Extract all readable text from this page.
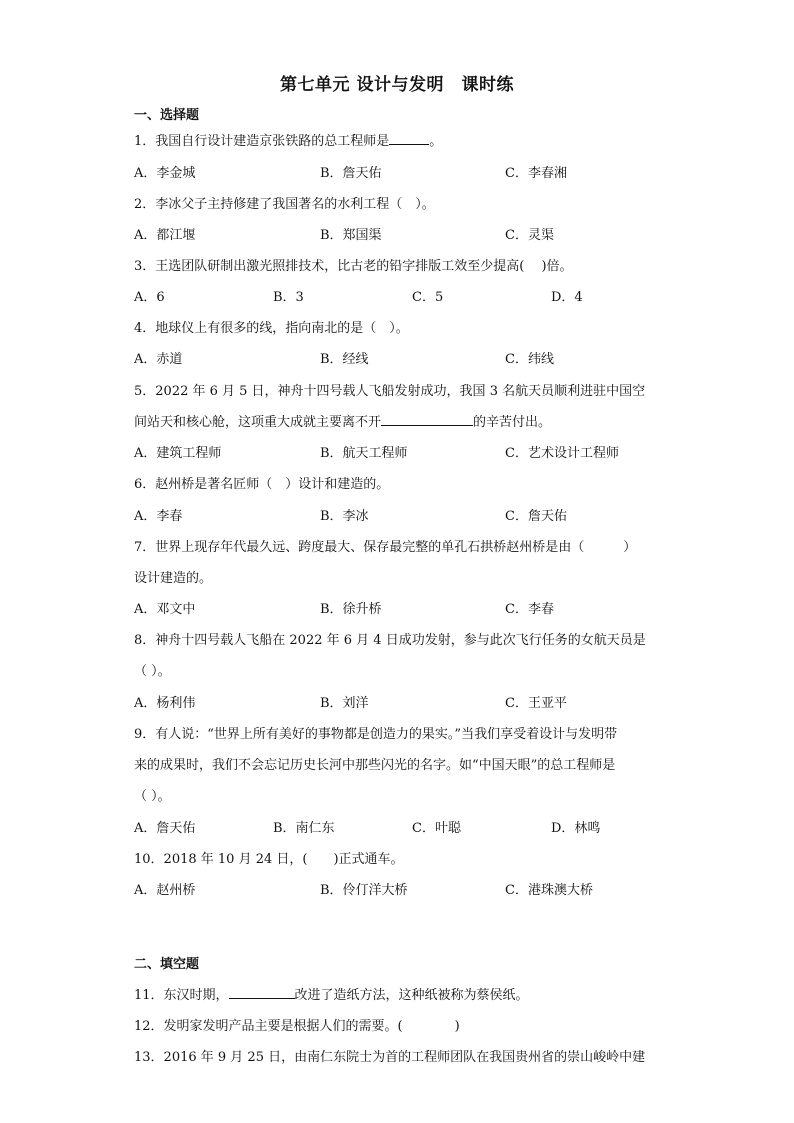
第七单元 设计与发明　课时练
一、选择题
1．我国自行设计建造京张铁路的总工程师是	。
A．李金城	B．詹天佑	C．李春湘
2．李冰父子主持修建了我国著名的水利工程（　）。
A．都江堰	B．郑国渠	C．灵渠
3．王选团队研制出激光照排技术，比古老的铅字排版工效至少提高(　 )倍。
A．6	B．3	C．5	D．4
4．地球仪上有很多的线，指向南北的是（　）。
A．赤道	B．经线	C．纬线
5．2022 年 6 月 5 日，神舟十四号载人飞船发射成功，我国 3 名航天员顺利进驻中国空
间站天和核心舱，这项重大成就主要离不开	的辛苦付出。
A．建筑工程师	B．航天工程师	C．艺术设计工程师
6．赵州桥是著名匠师（　）设计和建造的。
A．李春	B．李冰	C．詹天佑
7．世界上现存年代最久远、跨度最大、保存最完整的单孔石拱桥赵州桥是由（　　　）
设计建造的。
A．邓文中	B．徐升桥	C．李春
8．神舟十四号载人飞船在 2022 年 6 月 4 日成功发射，参与此次飞行任务的女航天员是
（ ）。
A．杨利伟	B．刘洋	C．王亚平
9．有人说：“世界上所有美好的事物都是创造力的果实。”当我们享受着设计与发明带
来的成果时，我们不会忘记历史长河中那些闪光的名字。如“中国天眼”的总工程师是
（ ）。
A．詹天佑	B．南仁东	C．叶聪	D．林鸣
10．2018 年 10 月 24 日，(　　)正式通车。
A．赵州桥	B．伶仃洋大桥	C．港珠澳大桥
二、填空题
11．东汉时期，	改进了造纸方法，这种纸被称为蔡侯纸。
12．发明家发明产品主要是根据人们的需要。(　　　　)
13．2016 年 9 月 25 日，由南仁东院士为首的工程师团队在我国贵州省的崇山峻岭中建
